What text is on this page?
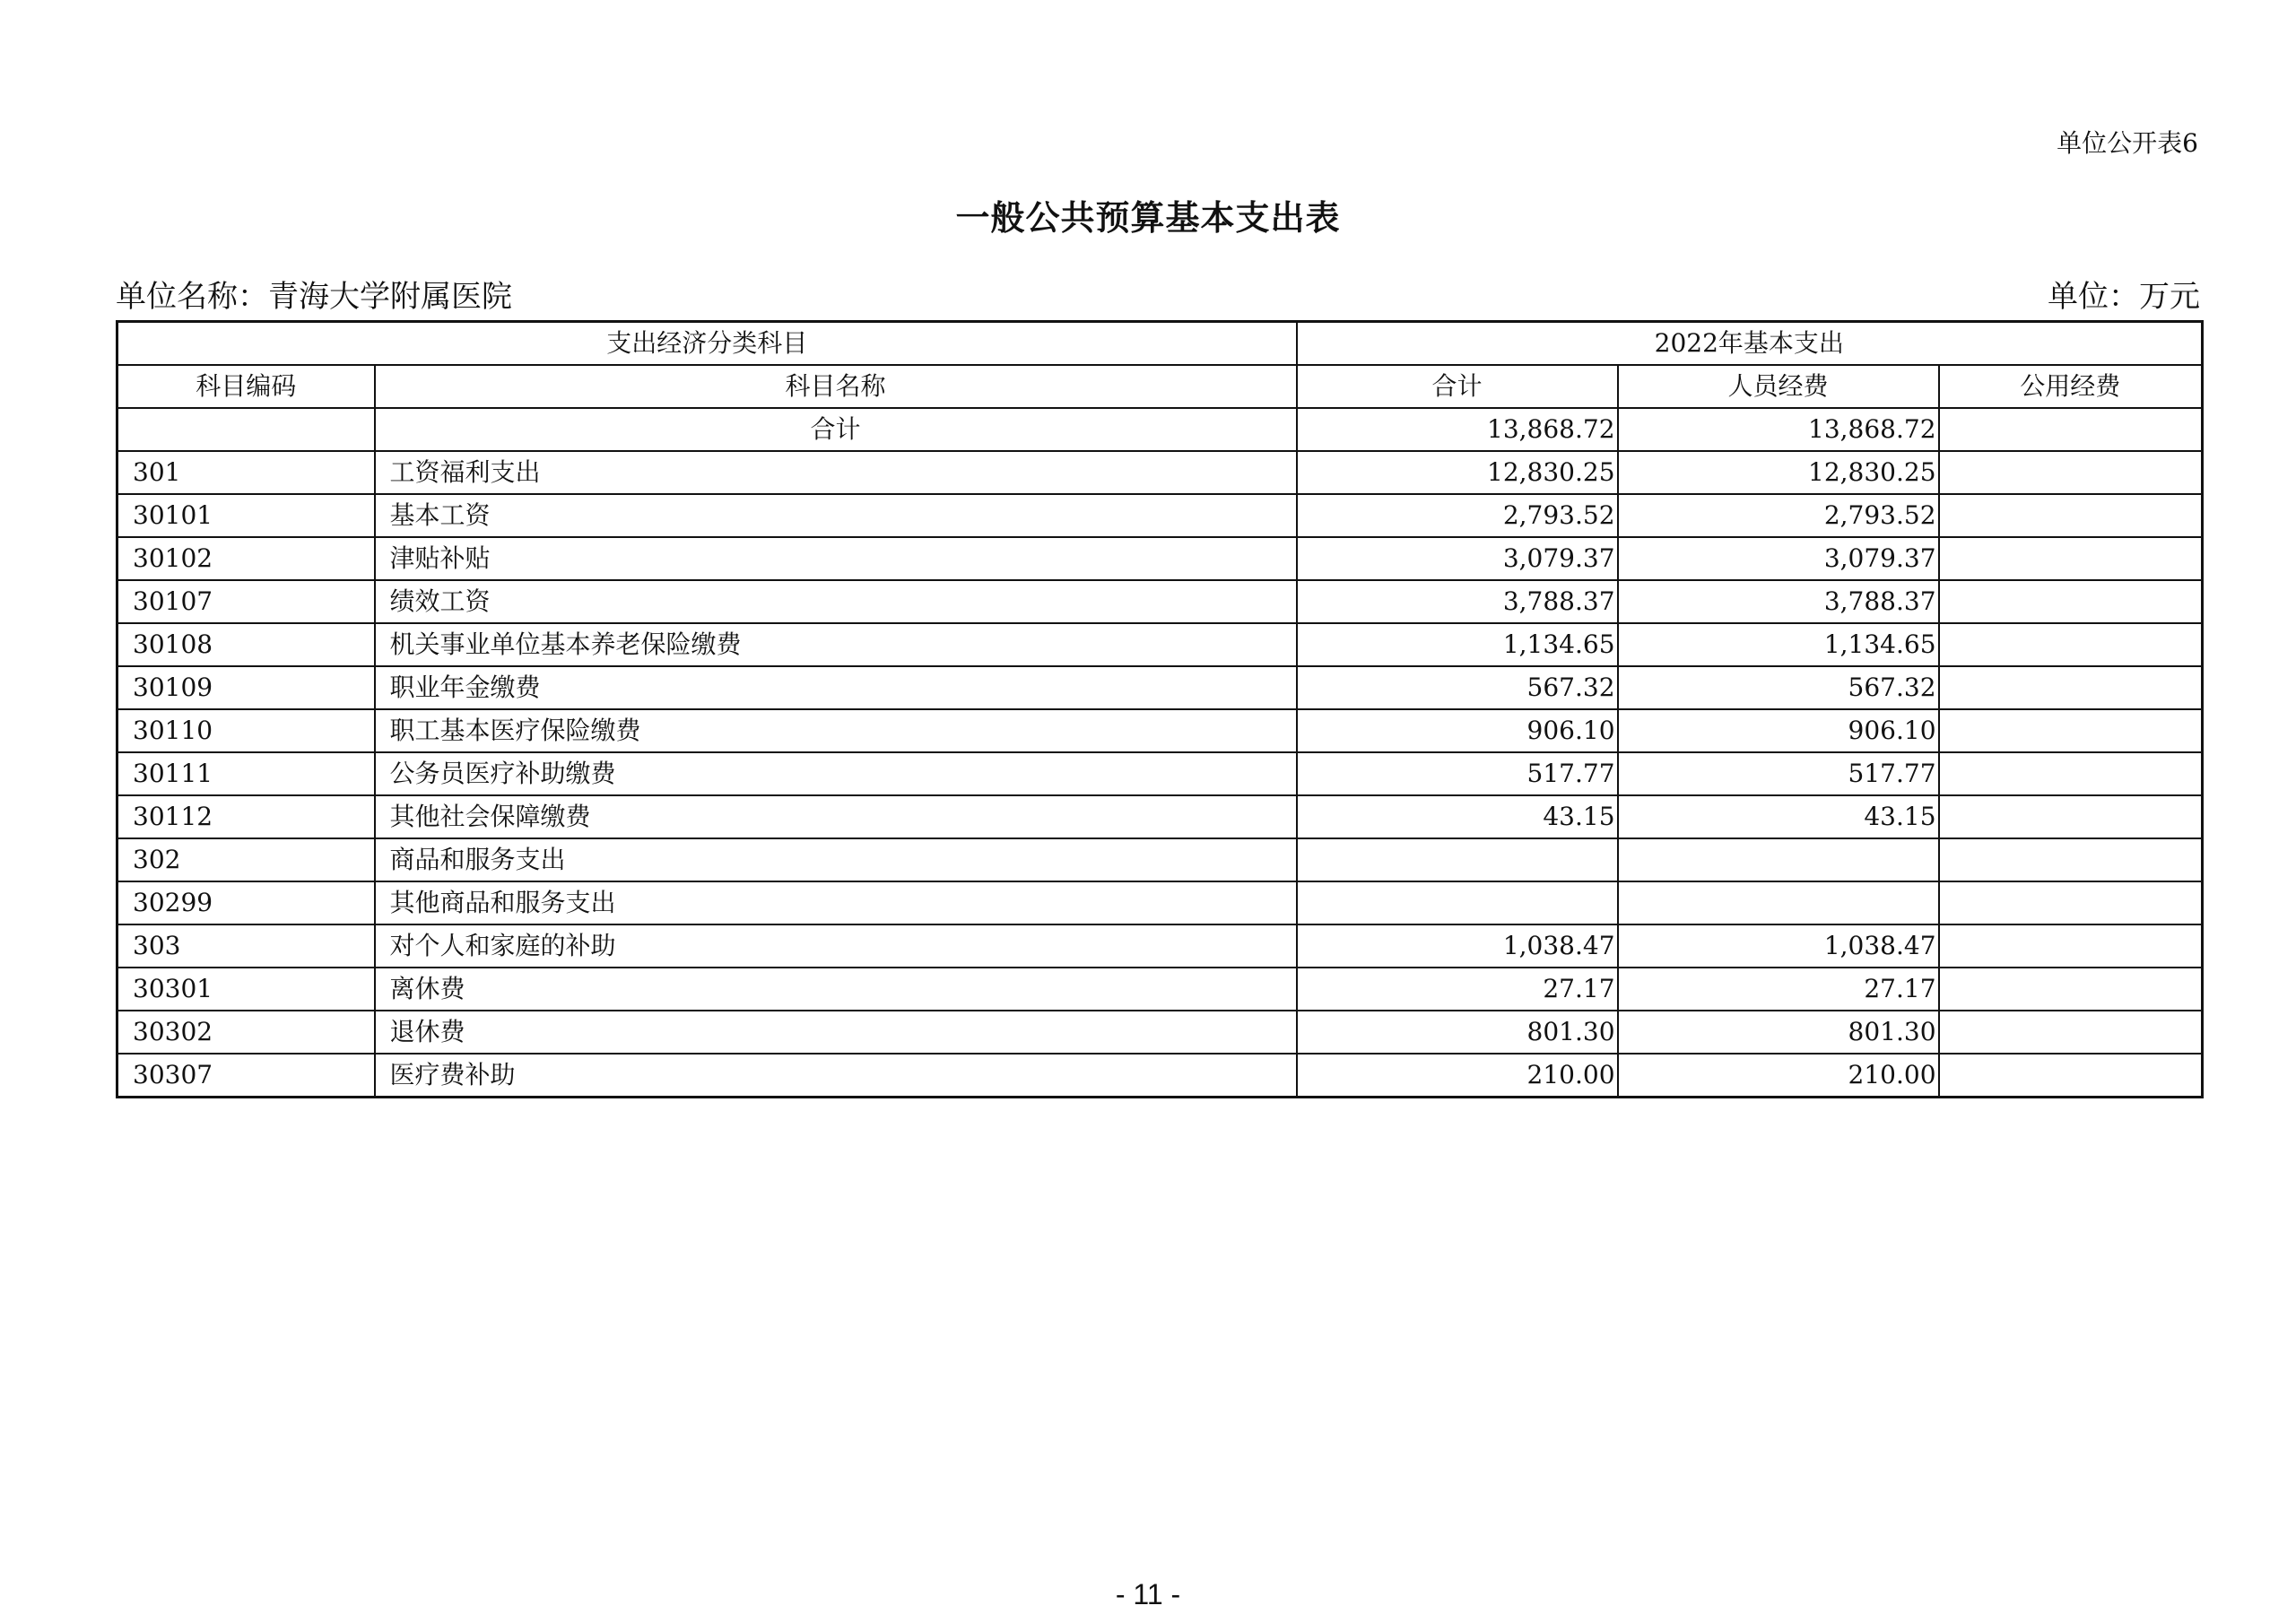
单位公开表6
一般公共预算基本支出表
单位名称：青海大学附属医院	单位：万元
支出经济分类科目		2022年基本支出		
科目编码	科目名称	合计	人员经费	公用经费
	合计	13,868.72	13,868.72	
301	工资福利支出	12,830.25	12,830.25	
30101	基本工资	2,793.52	2,793.52	
30102	津贴补贴	3,079.37	3,079.37	
30107	绩效工资	3,788.37	3,788.37	
30108	机关事业单位基本养老保险缴费	1,134.65	1,134.65	
30109	职业年金缴费	567.32	567.32	
30110	职工基本医疗保险缴费	906.10	906.10	
30111	公务员医疗补助缴费	517.77	517.77	
30112	其他社会保障缴费	43.15	43.15	
302	商品和服务支出			
30299	其他商品和服务支出			
303	对个人和家庭的补助	1,038.47	1,038.47	
30301	离休费	27.17	27.17	
30302	退休费	801.30	801.30	
30307	医疗费补助	210.00	210.00	
- 11 -
